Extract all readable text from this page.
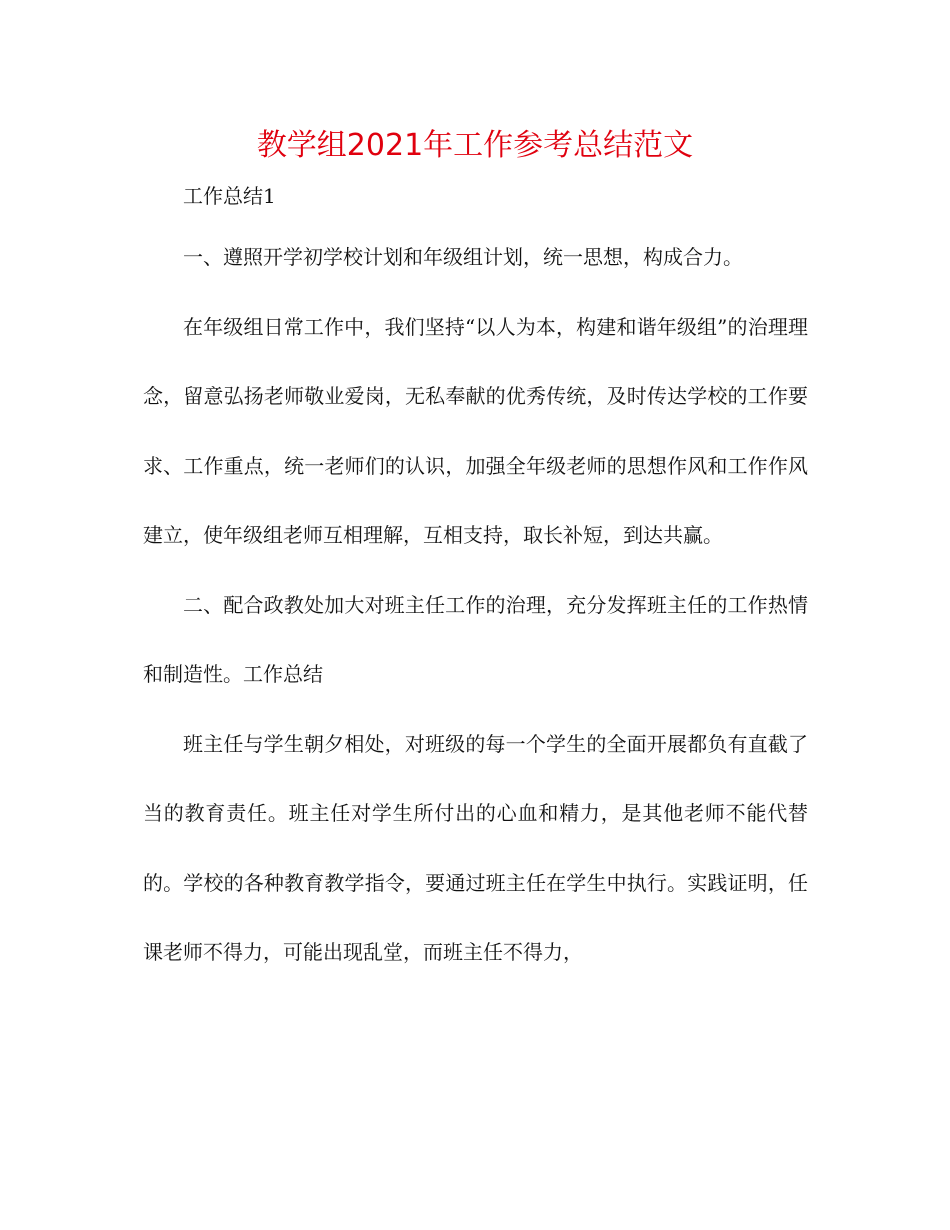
教学组2021年工作参考总结范文
工作总结1

一、遵照开学初学校计划和年级组计划，统一思想，构成合力。

在年级组日常工作中，我们坚持“以人为本，构建和谐年级组”的治理理念，留意弘扬老师敬业爱岗，无私奉献的优秀传统，及时传达学校的工作要求、工作重点，统一老师们的认识，加强全年级老师的思想作风和工作作风建立，使年级组老师互相理解，互相支持，取长补短，到达共赢。

二、配合政教处加大对班主任工作的治理，充分发挥班主任的工作热情和制造性。工作总结

班主任与学生朝夕相处，对班级的每一个学生的全面开展都负有直截了当的教育责任。班主任对学生所付出的心血和精力，是其他老师不能代替的。学校的各种教育教学指令，要通过班主任在学生中执行。实践证明，任课老师不得力，可能出现乱堂，而班主任不得力，
